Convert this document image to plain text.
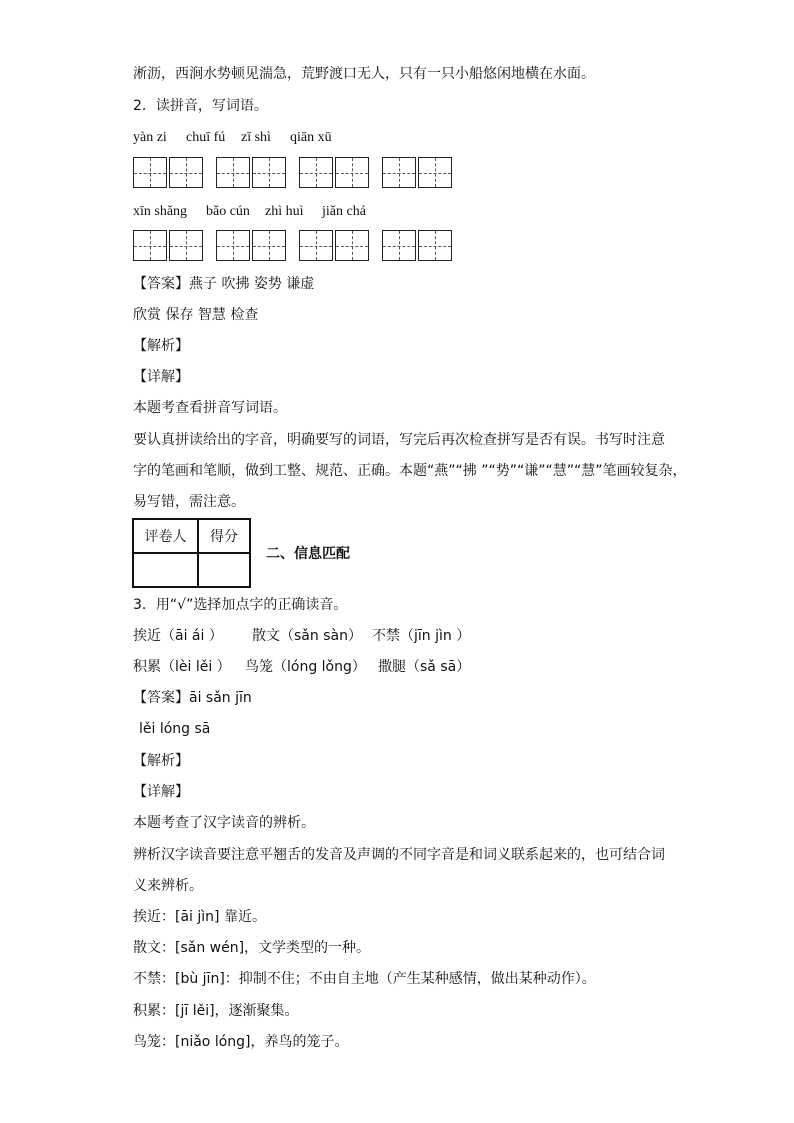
淅沥，西涧水势顿见湍急，荒野渡口无人，只有一只小船悠闲地横在水面。
2．读拼音，写词语。
yàn zi chuī fú zī shì qiān xū
xīn shǎng bǎo cún zhì huì jiǎn chá
【答案】燕子 吹拂 姿势 谦虚
欣赏 保存 智慧 检查
【解析】
【详解】
本题考查看拼音写词语。
要认真拼读给出的字音，明确要写的词语，写完后再次检查拼写是否有误。书写时注意
字的笔画和笔顺，做到工整、规范、正确。本题“燕”“拂 ”“势”“谦”“慧”“慧”笔画较复杂，
易写错，需注意。
评卷人	得分

二、信息匹配
3．用“√”选择加点字的正确读音。
挨近（āi ái ） 散文（sǎn sàn） 不禁（jīn jìn ）
积累（lèi lěi ） 鸟笼（lóng lǒng） 撒腿（sǎ sā）
【答案】āi sǎn jīn
lěi lóng sā
【解析】
【详解】
本题考查了汉字读音的辨析。
辨析汉字读音要注意平翘舌的发音及声调的不同字音是和词义联系起来的，也可结合词
义来辨析。
挨近：[āi jìn] 靠近。
散文：[sǎn wén]，文学类型的一种。
不禁：[bù jīn]：抑制不住；不由自主地（产生某种感情，做出某种动作）。
积累：[jī lěi]，逐渐聚集。
鸟笼：[niǎo lóng]，养鸟的笼子。
